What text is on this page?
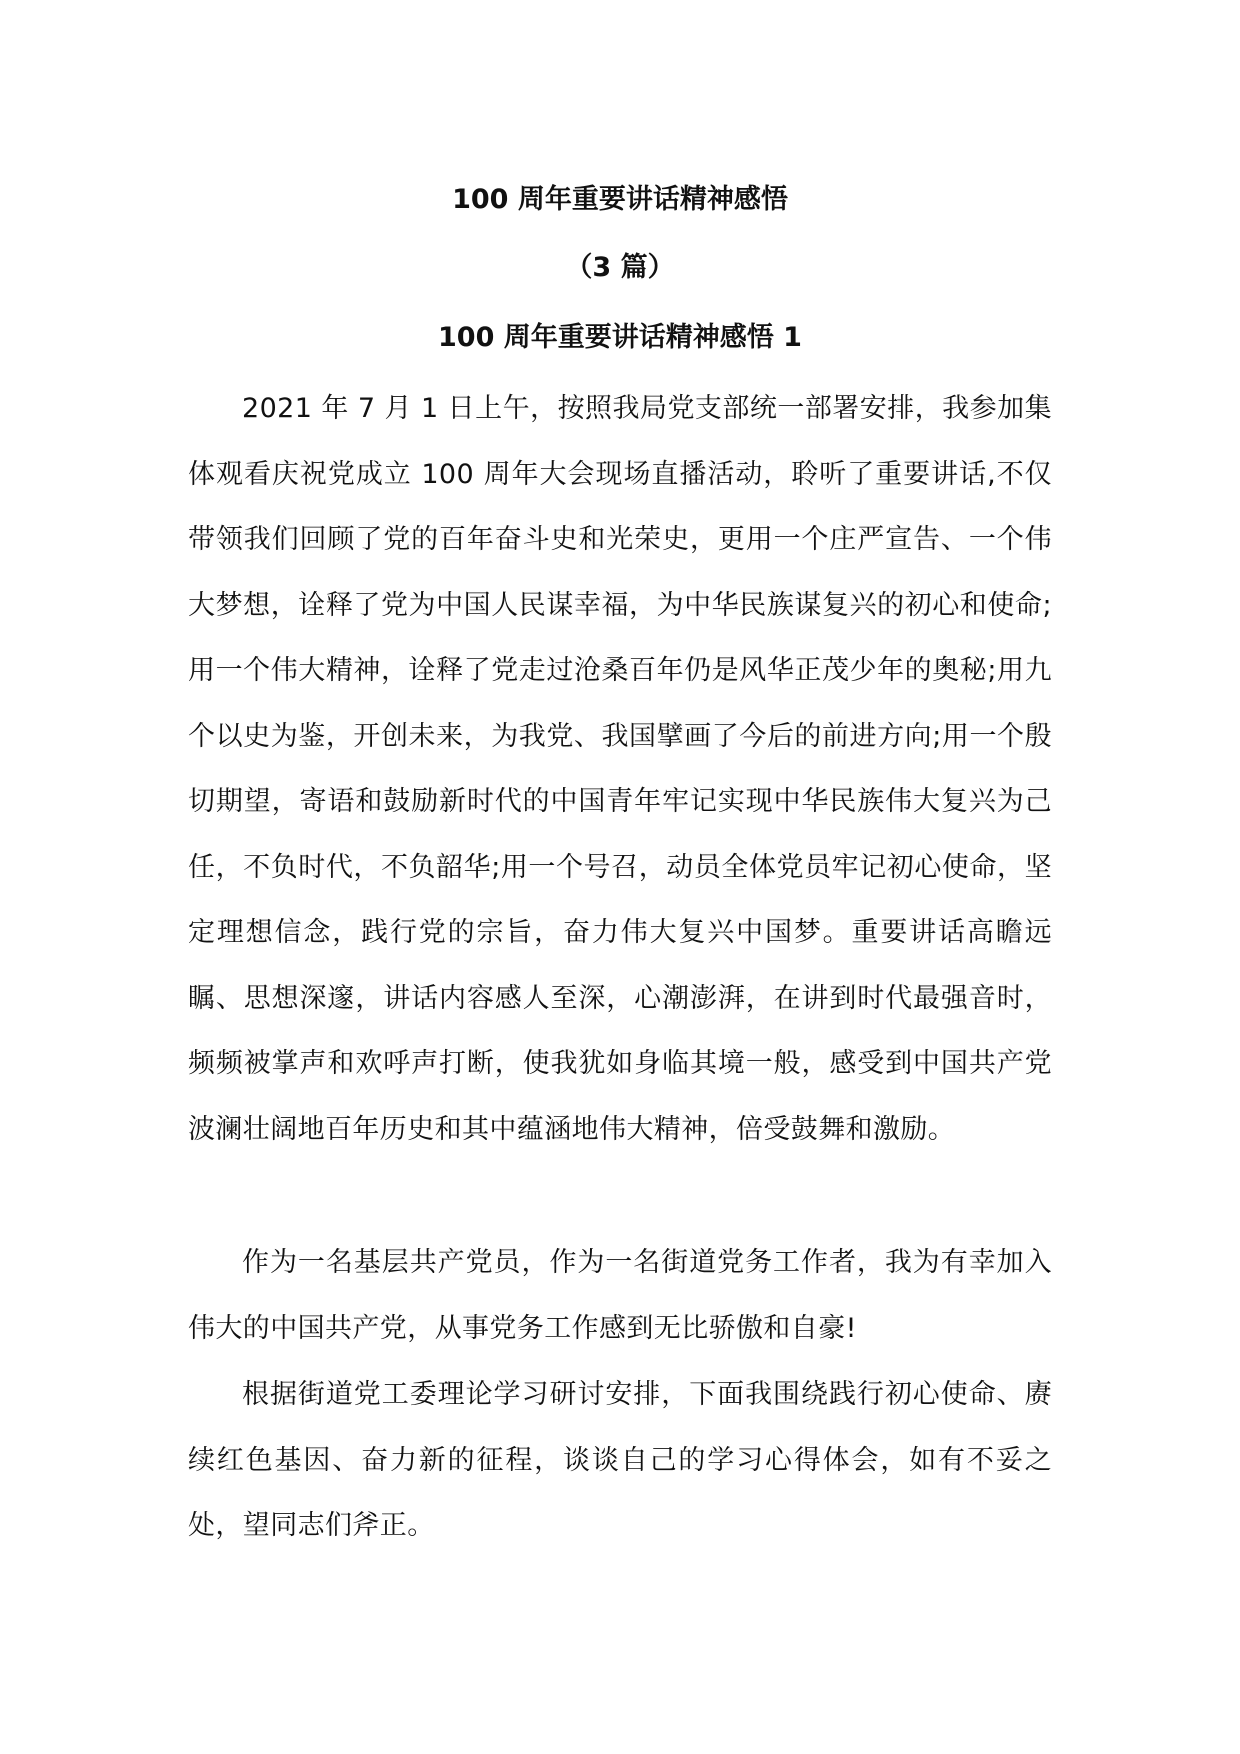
100 周年重要讲话精神感悟
（3 篇）
100 周年重要讲话精神感悟 1

2021 年 7 月 1 日上午，按照我局党支部统一部署安排，我参加集体观看庆祝党成立 100 周年大会现场直播活动，聆听了重要讲话,不仅带领我们回顾了党的百年奋斗史和光荣史，更用一个庄严宣告、一个伟大梦想，诠释了党为中国人民谋幸福，为中华民族谋复兴的初心和使命;用一个伟大精神，诠释了党走过沧桑百年仍是风华正茂少年的奥秘;用九个以史为鉴，开创未来，为我党、我国擘画了今后的前进方向;用一个殷切期望，寄语和鼓励新时代的中国青年牢记实现中华民族伟大复兴为己任，不负时代，不负韶华;用一个号召，动员全体党员牢记初心使命，坚定理想信念，践行党的宗旨，奋力伟大复兴中国梦。重要讲话高瞻远瞩、思想深邃，讲话内容感人至深，心潮澎湃，在讲到时代最强音时，频频被掌声和欢呼声打断，使我犹如身临其境一般，感受到中国共产党波澜壮阔地百年历史和其中蕴涵地伟大精神，倍受鼓舞和激励。

作为一名基层共产党员，作为一名街道党务工作者，我为有幸加入伟大的中国共产党，从事党务工作感到无比骄傲和自豪!

根据街道党工委理论学习研讨安排，下面我围绕践行初心使命、赓续红色基因、奋力新的征程，谈谈自己的学习心得体会，如有不妥之处，望同志们斧正。
